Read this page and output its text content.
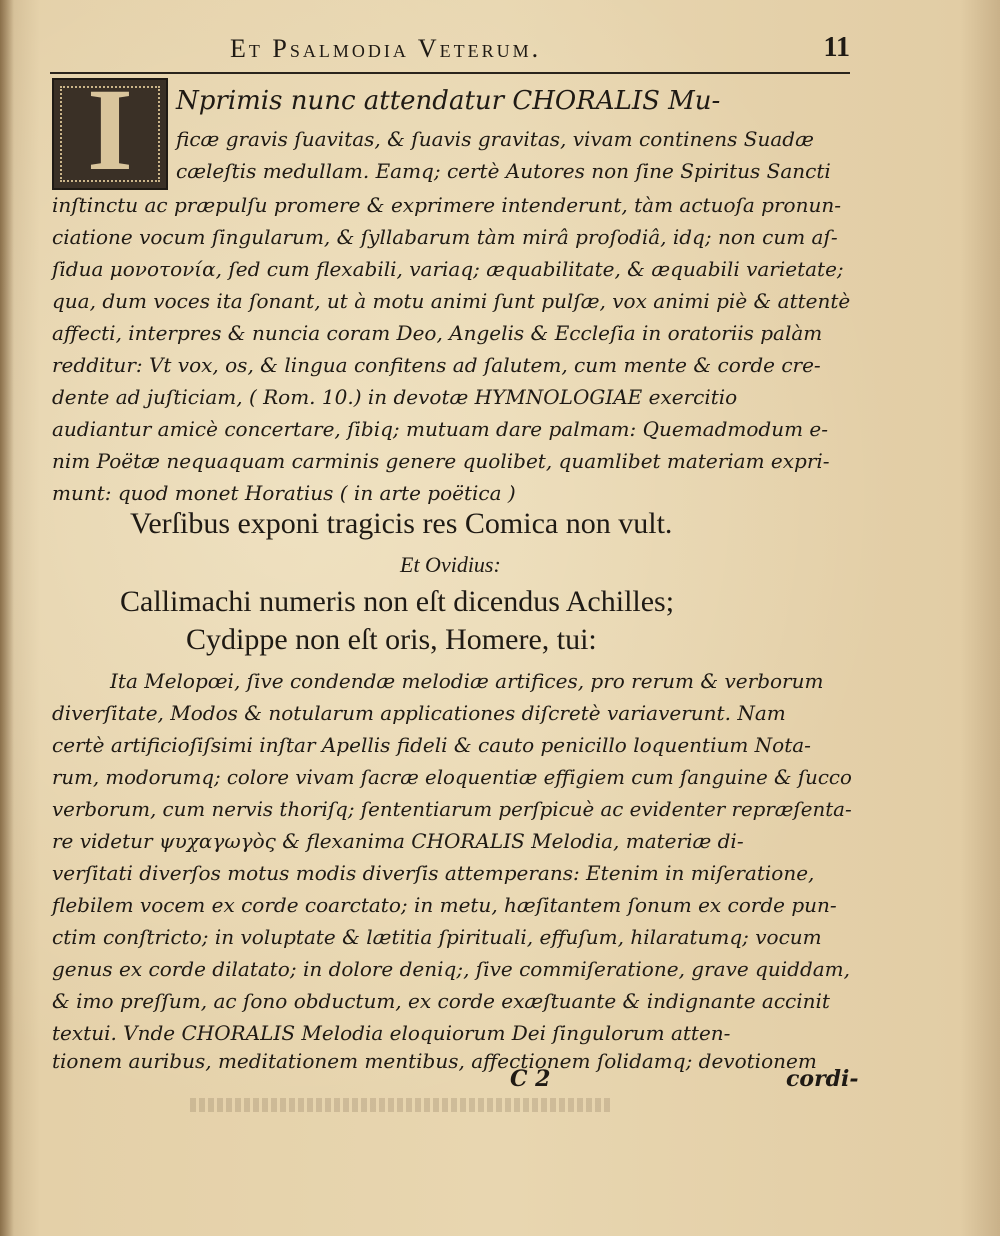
Et Psalmodia Veterum.	11
I	Nprimis nunc attendatur CHORALIS Mu-
ficæ gravis ſuavitas, & ſuavis gravitas, vivam continens Suadæ
cæleſtis medullam. Eamq; certè Autores non ſine Spiritus Sancti
inſtinctu ac præpulſu promere & exprimere intenderunt, tàm actuoſa pronun-
ciatione vocum ſingularum, & ſyllabarum tàm mirâ proſodiâ, idq; non cum aſ-
ſidua μονοτονία, ſed cum flexabili, variaq; æquabilitate, & æquabili varietate;
qua, dum voces ita ſonant, ut à motu animi ſunt pulſæ, vox animi piè & attentè
affecti, interpres & nuncia coram Deo, Angelis & Eccleſia in oratoriis palàm
redditur: Vt vox, os, & lingua confitens ad ſalutem, cum mente & corde cre-
dente ad juſticiam, ( Rom. 10.) in devotæ HYMNOLOGIAE exercitio
audiantur amicè concertare, ſibiq; mutuam dare palmam: Quemadmodum e-
nim Poëtæ nequaquam carminis genere quolibet, quamlibet materiam expri-
munt: quod monet Horatius ( in arte poëtica )
Verſibus exponi tragicis res Comica non vult.
Et Ovidius:
Callimachi numeris non eſt dicendus Achilles;
Cydippe non eſt oris, Homere, tui:
Ita Melopœi, ſive condendæ melodiæ artifices, pro rerum & verborum
diverſitate, Modos & notularum applicationes diſcretè variaverunt. Nam
certè artificioſiſsimi inſtar Apellis fideli & cauto penicillo loquentium Nota-
rum, modorumq; colore vivam ſacræ eloquentiæ effigiem cum ſanguine & ſucco
verborum, cum nervis thoriſq; ſententiarum perſpicuè ac evidenter repræſenta-
re videtur ψυχαγωγὸς & flexanima CHORALIS Melodia, materiæ di-
verſitati diverſos motus modis diverſis attemperans: Etenim in miſeratione,
flebilem vocem ex corde coarctato; in metu, hæſitantem ſonum ex corde pun-
ctim conſtricto; in voluptate & lætitia ſpirituali, effuſum, hilaratumq; vocum
genus ex corde dilatato; in dolore deniq;, ſive commiſeratione, grave quiddam,
& imo preſſum, ac ſono obductum, ex corde exæſtuante & indignante accinit
textui. Vnde CHORALIS Melodia eloquiorum Dei ſingulorum atten-
tionem auribus, meditationem mentibus, affectionem ſolidamq; devotionem
C 2	cordi-
